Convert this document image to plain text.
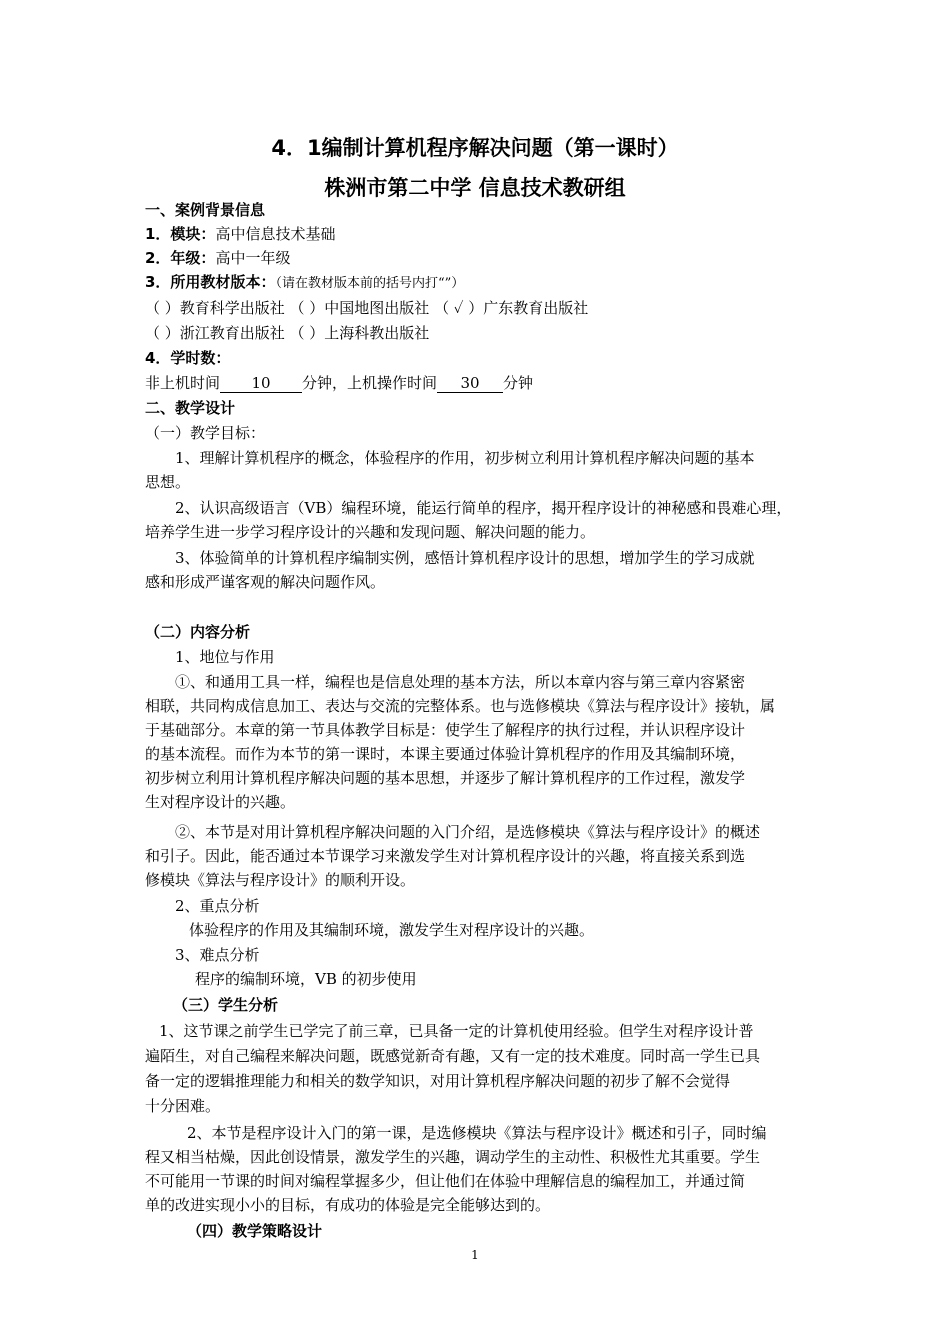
4．1编制计算机程序解决问题（第一课时）
株洲市第二中学 信息技术教研组
一、案例背景信息
1．模块：高中信息技术基础
2．年级：高中一年级
3．所用教材版本：（请在教材版本前的括号内打“”）
（ ）教育科学出版社 （ ）中国地图出版社 （ ✓ ）广东教育出版社
（ ）浙江教育出版社 （ ）上海科教出版社
4．学时数：
非上机时间 10 分钟，上机操作时间 30 分钟
二、教学设计
（一）教学目标：
1、理解计算机程序的概念，体验程序的作用，初步树立利用计算机程序解决问题的基本
思想。
2、认识高级语言（VB）编程环境，能运行简单的程序，揭开程序设计的神秘感和畏难心理，
培养学生进一步学习程序设计的兴趣和发现问题、解决问题的能力。
3、体验简单的计算机程序编制实例，感悟计算机程序设计的思想，增加学生的学习成就
感和形成严谨客观的解决问题作风。
（二）内容分析
1、地位与作用
①、和通用工具一样，编程也是信息处理的基本方法，所以本章内容与第三章内容紧密
相联，共同构成信息加工、表达与交流的完整体系。也与选修模块《算法与程序设计》接轨，属
于基础部分。本章的第一节具体教学目标是：使学生了解程序的执行过程，并认识程序设计
的基本流程。而作为本节的第一课时，本课主要通过体验计算机程序的作用及其编制环境，
初步树立利用计算机程序解决问题的基本思想，并逐步了解计算机程序的工作过程，激发学
生对程序设计的兴趣。
②、本节是对用计算机程序解决问题的入门介绍，是选修模块《算法与程序设计》的概述
和引子。因此，能否通过本节课学习来激发学生对计算机程序设计的兴趣，将直接关系到选
修模块《算法与程序设计》的顺利开设。
2、重点分析
体验程序的作用及其编制环境，激发学生对程序设计的兴趣。
3、难点分析
程序的编制环境，VB 的初步使用
（三）学生分析
1、这节课之前学生已学完了前三章，已具备一定的计算机使用经验。但学生对程序设计普
遍陌生，对自己编程来解决问题，既感觉新奇有趣，又有一定的技术难度。同时高一学生已具
备一定的逻辑推理能力和相关的数学知识，对用计算机程序解决问题的初步了解不会觉得
十分困难。
2、本节是程序设计入门的第一课，是选修模块《算法与程序设计》概述和引子，同时编
程又相当枯燥，因此创设情景，激发学生的兴趣，调动学生的主动性、积极性尤其重要。学生
不可能用一节课的时间对编程掌握多少，但让他们在体验中理解信息的编程加工，并通过简
单的改进实现小小的目标，有成功的体验是完全能够达到的。
（四）教学策略设计
1
